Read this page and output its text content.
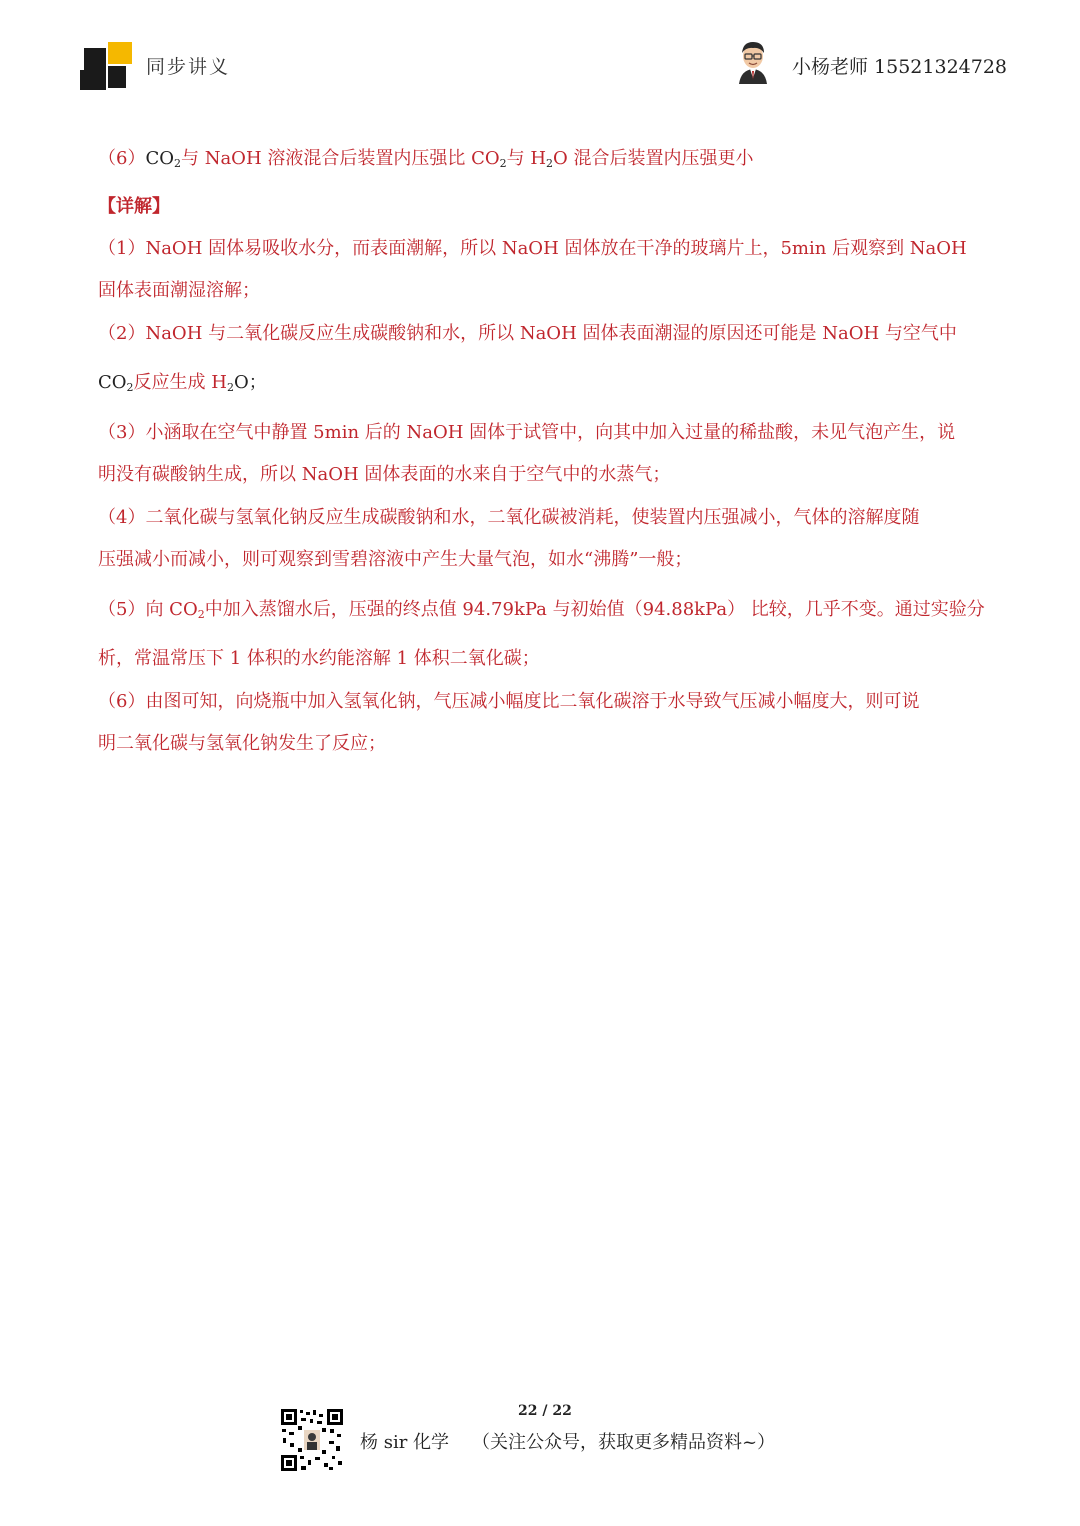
同步讲义	小杨老师 15521324728
$(6)CO_2$与 NaOH 溶液混合后装置内压强比 $CO_2$与 $H_2O$ 混合后装置内压强更小
【详解】
（1）NaOH 固体易吸收水分，而表面潮解，所以 NaOH 固体放在干净的玻璃片上，5min 后观察到 NaOH
固体表面潮湿溶解；
（2）NaOH 与二氧化碳反应生成碳酸钠和水，所以 NaOH 固体表面潮湿的原因还可能是 NaOH 与空气中
$CO_2$反应生成 $H_2O$；
（3）小涵取在空气中静置 5min 后的 NaOH 固体于试管中，向其中加入过量的稀盐酸，未见气泡产生，说
明没有碳酸钠生成，所以 NaOH 固体表面的水来自于空气中的水蒸气；
（4）二氧化碳与氢氧化钠反应生成碳酸钠和水，二氧化碳被消耗，使装置内压强减小，气体的溶解度随
压强减小而减小，则可观察到雪碧溶液中产生大量气泡，如水“沸腾”一般；
（5）向 $CO_2$中加入蒸馏水后，压强的终点值 94.79kPa 与初始值（94.88kPa） 比较，几乎不变。通过实验分
析，常温常压下 1 体积的水约能溶解 1 体积二氧化碳；
（6）由图可知，向烧瓶中加入氢氧化钠，气压减小幅度比二氧化碳溶于水导致气压减小幅度大，则可说
明二氧化碳与氢氧化钠发生了反应；
22 / 22
杨 sir 化学 （关注公众号，获取更多精品资料~）
